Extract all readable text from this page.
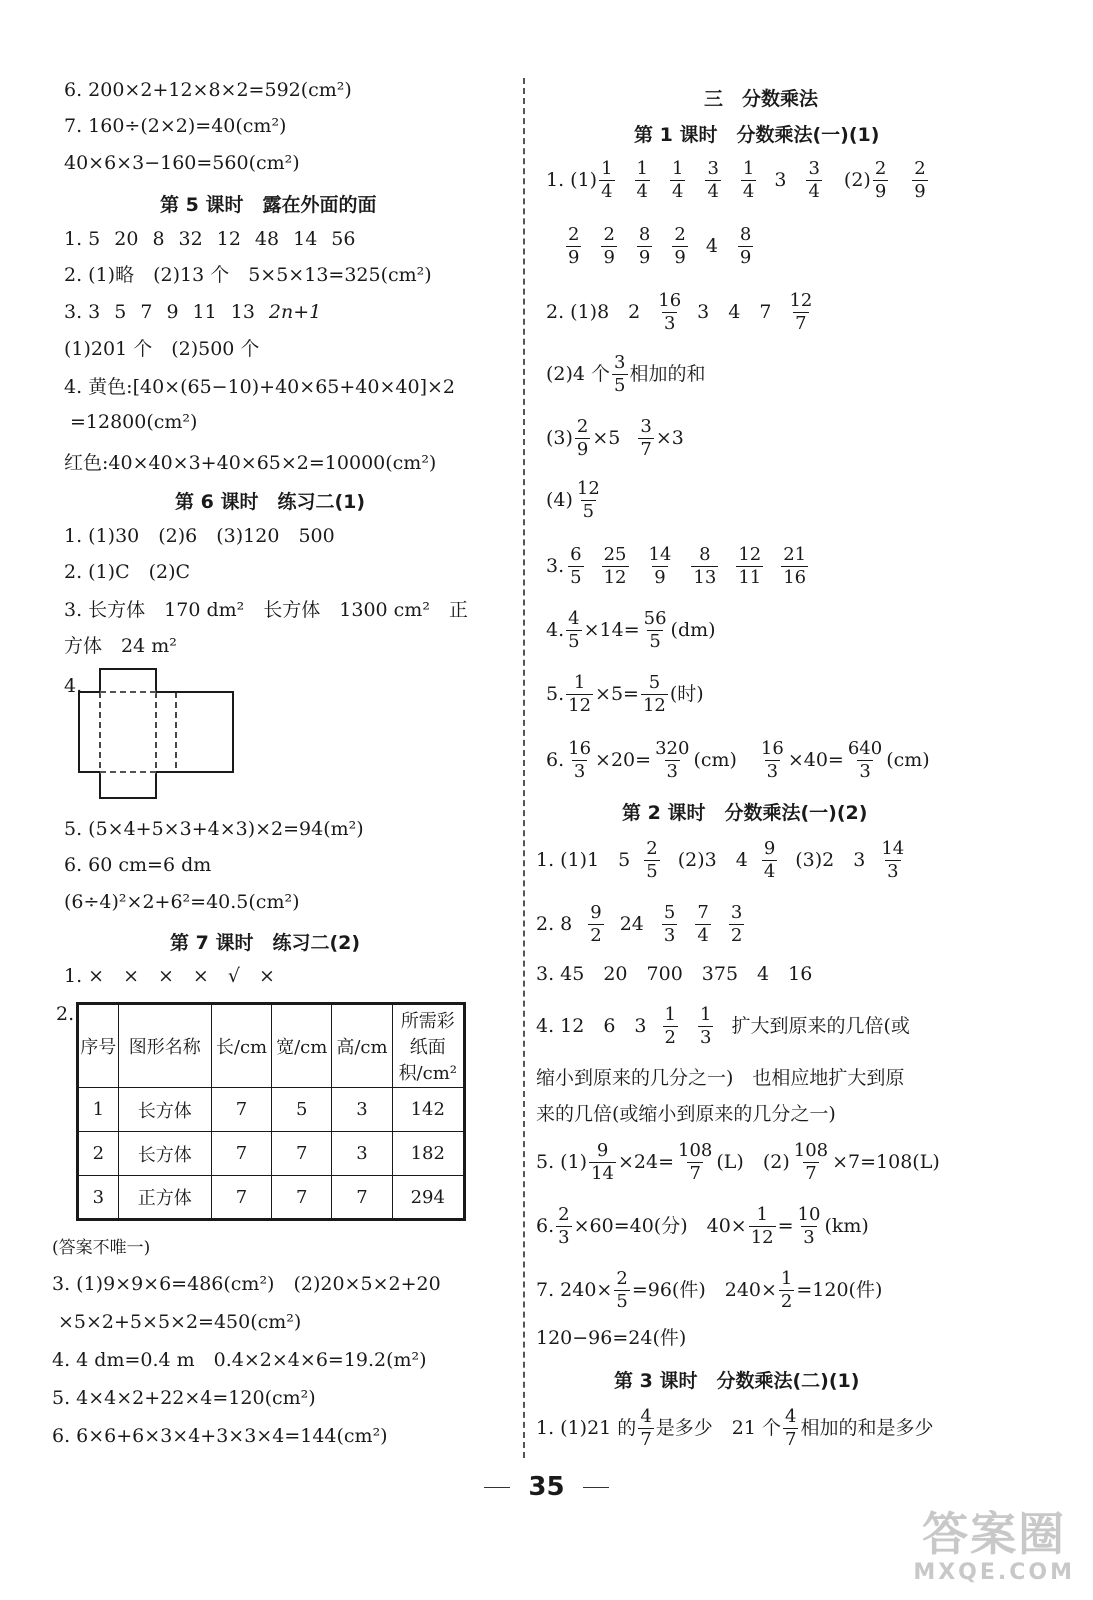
6. 200×2+12×8×2=592(cm²)
7. 160÷(2×2)=40(cm²)
40×6×3−160=560(cm²)
第 5 课时　露在外面的面
1. 5 20 8 32 12 48 14 56
2. (1)略　(2)13 个　5×5×13=325(cm²)
3. 3 5 7 9 11 13 2n+1
(1)201 个　(2)500 个
4. 黄色:[40×(65−10)+40×65+40×40]×2
=12800(cm²)
红色:40×40×3+40×65×2=10000(cm²)
第 6 课时　练习二(1)
1. (1)30　(2)6　(3)120　500
2. (1)C　(2)C
3. 长方体　170 dm²　长方体　1300 cm²　正
方体　24 m²
4.
5. (5×4+5×3+4×3)×2=94(m²)
6. 60 cm=6 dm
(6÷4)²×2+6²=40.5(cm²)
第 7 课时　练习二(2)
1. ×　×　×　×　√　×
2.
序号	图形名称	长/cm	宽/cm	高/cm	所需彩纸面积/cm²
1	长方体	7	5	3	142
2	长方体	7	7	3	182
3	正方体	7	7	7	294
(答案不唯一)
3. (1)9×9×6=486(cm²)　(2)20×5×2+20
×5×2+5×5×2=450(cm²)
4. 4 dm=0.4 m　0.4×2×4×6=19.2(m²)
5. 4×4×2+22×4=120(cm²)
6. 6×6+6×3×4+3×3×4=144(cm²)
三　分数乘法
第 1 课时　分数乘法(一)(1)
1. $(1) \frac{1}{4} \frac{1}{4} \frac{1}{4} \frac{3}{4} \frac{1}{4} 3 \frac{3}{4} (2) \frac{2}{9} \frac{2}{9}$
$\frac{2}{9} \frac{2}{9} \frac{8}{9} \frac{2}{9} 4 \frac{8}{9}$
2. (1)8　$2 \frac{16}{3} 3$　4　$7 \frac{12}{7}$
(2)4 个 $\frac{3}{5}$ 相加的和
$(3) \frac{2}{9} \times 5 \frac{3}{7} \times 3$
$(4) \frac{12}{5}$
3. $\frac{6}{5} \frac{25}{12} \frac{14}{9} \frac{8}{13} \frac{12}{11} \frac{21}{16}$
4. $\frac{4}{5} \times 14= \frac{56}{5} (dm)$
5. $\frac{1}{12} \times 5= \frac{5}{12}$ (时)
6. $\frac{16}{3} \times 20= \frac{320}{3} (cm) \frac{16}{3} \times 40= \frac{640}{3} (cm)$
第 2 课时　分数乘法(一)(2)
1. (1)1　$5 \frac{2}{5} (2)3$　$4 \frac{9}{4} (3)2$　$3 \frac{14}{3}$
2. $8 \frac{9}{2} 24 \frac{5}{3} \frac{7}{4} \frac{3}{2}$
3. 45　20　700　375　4　16
4. 12　6　$3 \frac{1}{2} \frac{1}{3}$ 扩大到原来的几倍(或
缩小到原来的几分之一)　也相应地扩大到原
来的几倍(或缩小到原来的几分之一)
5. $(1) \frac{9}{14} \times 24= \frac{108}{7} (L)$　$(2) \frac{108}{7} \times 7=108(L)$
6. $\frac{2}{3} \times 60=40$(分)　$40\times \frac{1}{12} = \frac{10}{3} (km)$
7. $240\times \frac{2}{5} =96$(件)　$240\times \frac{1}{2} =120$(件)
120−96=24(件)
第 3 课时　分数乘法(二)(1)
1. (1)21 的 $\frac{4}{7}$ 是多少　21 个 $\frac{4}{7}$ 相加的和是多少
35
答案圈
MXQE.COM
